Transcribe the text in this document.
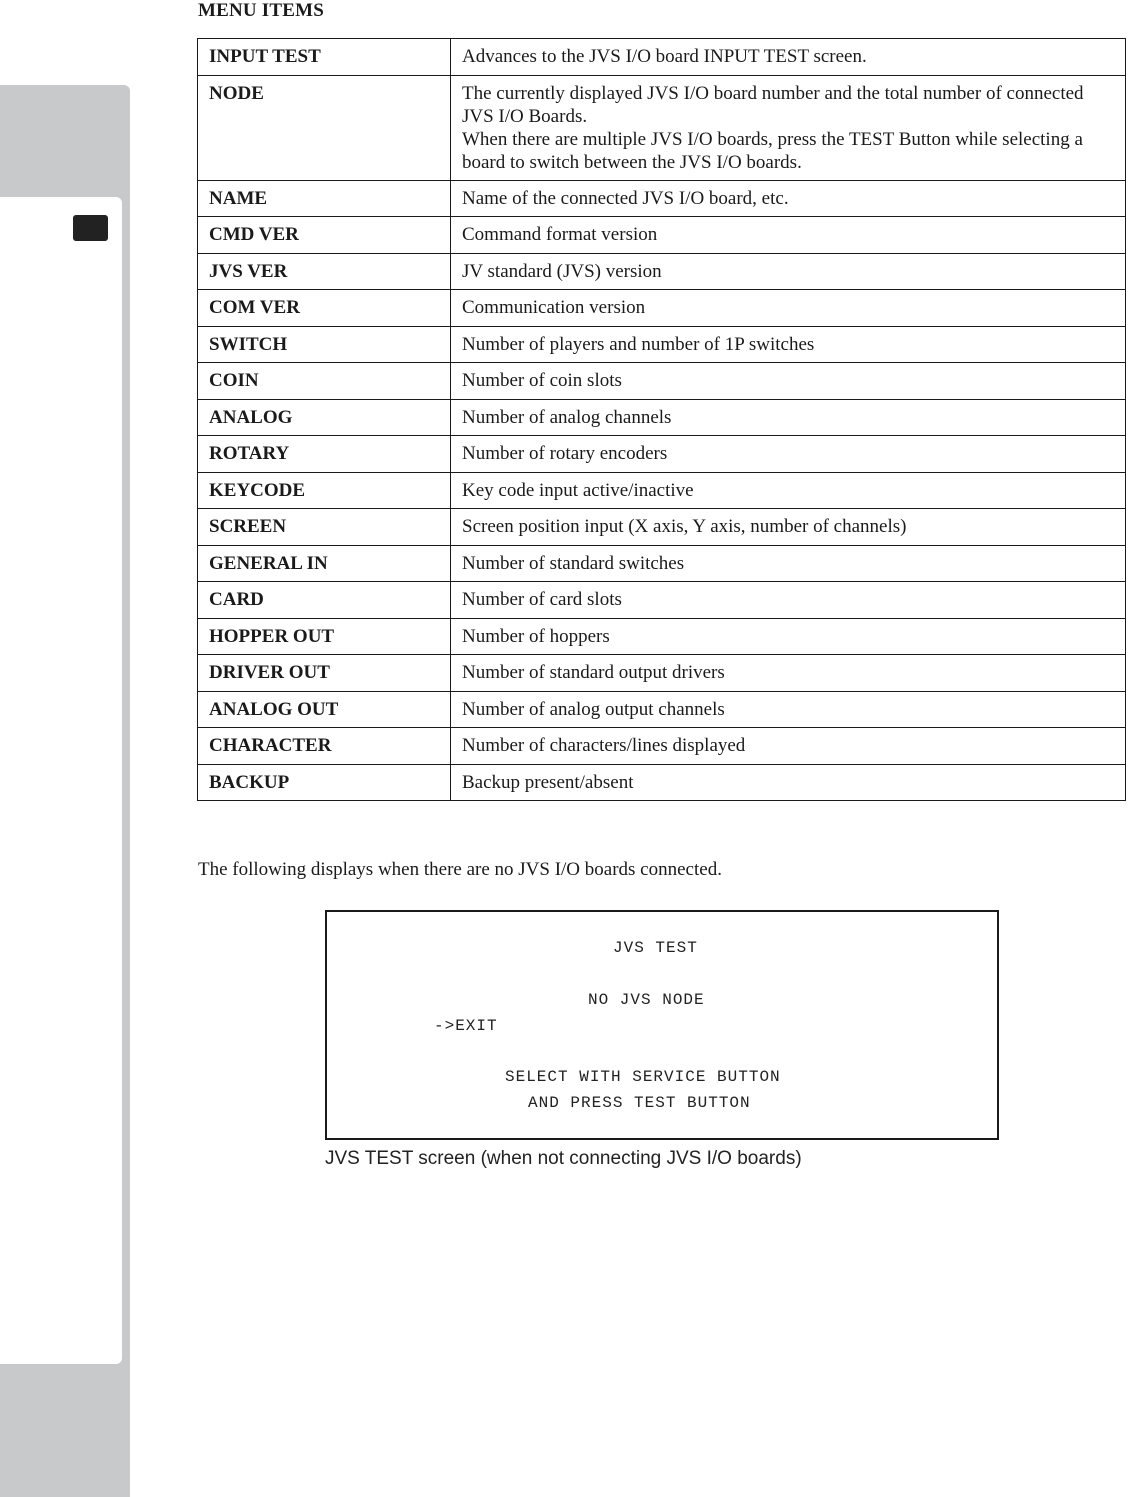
MENU ITEMS
INPUT TEST	Advances to the JVS I/O board INPUT TEST screen.
NODE	The currently displayed JVS I/O board number and the total number of connected JVS I/O Boards.
When there are multiple JVS I/O boards, press the TEST Button while selecting a board to switch between the JVS I/O boards.

NAME	Name of the connected JVS I/O board, etc.
CMD VER	Command format version
JVS VER	JV standard (JVS) version
COM VER	Communication version
SWITCH	Number of players and number of 1P switches
COIN	Number of coin slots
ANALOG	Number of analog channels
ROTARY	Number of rotary encoders
KEYCODE	Key code input active/inactive
SCREEN	Screen position input (X axis, Y axis, number of channels)
GENERAL IN	Number of standard switches
CARD	Number of card slots
HOPPER OUT	Number of hoppers
DRIVER OUT	Number of standard output drivers
ANALOG OUT	Number of analog output channels
CHARACTER	Number of characters/lines displayed
BACKUP	Backup present/absent
The following displays when there are no JVS I/O boards connected.
JVS TEST
NO JVS NODE
->EXIT
SELECT WITH SERVICE BUTTON
AND PRESS TEST BUTTON
JVS TEST screen (when not connecting JVS I/O boards)
